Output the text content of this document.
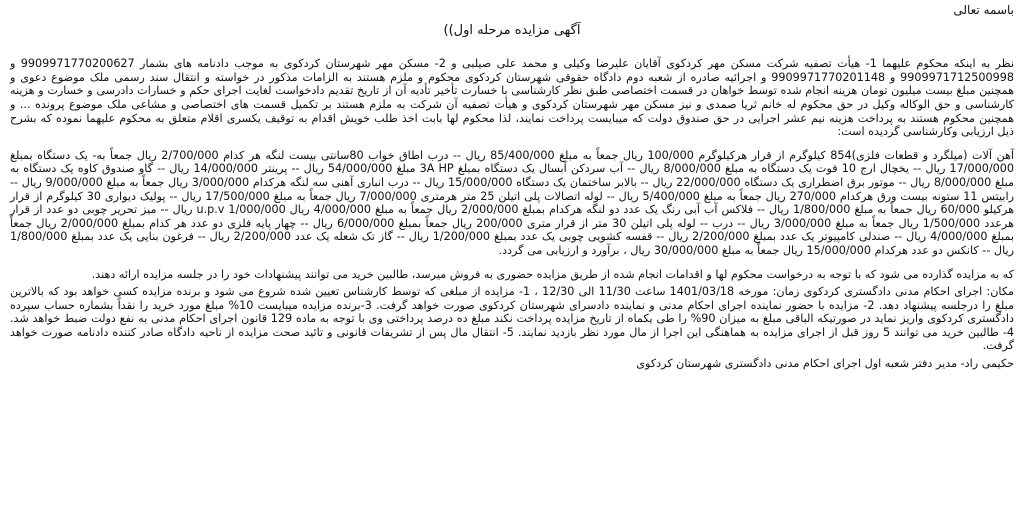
باسمه تعالی
آگهی مزایده مرحله اول))

نظر به اینکه محکوم علیهما 1- هیأت تصفیه شرکت مسکن مهر کردکوی آقایان علیرضا وکیلی و محمد علی صیلبی و 2- مسکن مهر شهرستان کردکوی به موجب دادنامه های بشمار 9909971770200627 و 9909971712500998 و 9909971770201148 و اجرائیه صادره از شعبه دوم دادگاه حقوقی شهرستان کردکوی محکوم و ملزم هستند به الزامات مذکور در خواسته و انتقال سند رسمی ملک موضوع دعوی و همچنین مبلغ بیست میلیون تومان هزینه انجام شده توسط خواهان در قسمت اختصاصی طبق نظر کارشناسی با خسارت تأخیر تأدیه آن از تاریخ تقدیم دادخواست لغایت اجرای حکم و خسارات دادرسی و خسارت و هزینه کارشناسی و حق الوکاله وکیل در حق محکوم له خانم ثریا صمدی و نیز مسکن مهر شهرستان کردکوی و هیأت تصفیه آن شرکت به ملزم هستند بر تکمیل قسمت های اختصاصی و مشاعی ملک موضوع پرونده ... و همچنین محکوم هستند به پرداخت هزینه نیم عشر اجرایی در حق صندوق دولت که میبایست پرداخت نمایند، لذا محکوم لها بابت اخذ طلب خویش اقدام به توقیف یکسری اقلام متعلق به محکوم علیهما نموده که بشرح ذیل ارزیابی وکارشناسی گردیده است:

آهن آلات (میلگرد و قطعات فلزی)854 کیلوگرم از قرار هرکیلوگرم 100/000 ریال جمعاً به مبلغ 85/400/000 ریال -- درب اطاق خواب 80سانتی بیست لنگه هر کدام 2/700/000 ریال جمعاً به- یک دستگاه بمبلغ 17/000/000 ریال -- یخچال ارج 10 فوت یک دستگاه به مبلغ 8/000/000 ریال -- آب سردکن آبسال یک دستگاه بمبلغ 3A HP مبلغ 54/000/000 ریال -- پرینتر 14/000/000 ریال -- گاو صندوق کاوه یک دستگاه به مبلغ 8/000/000 ریال -- موتور برق اضطراری یک دستگاه 22/000/000 ریال -- بالابر ساختمان یک دستگاه 15/000/000 ریال -- درب انباری آهنی سه لنگه هرکدام 3/000/000 ریال جمعاً به مبلغ 9/000/000 ریال -- رابیتس 11 ستونه بیست ورق هرکدام 270/000 ریال جمعاً به مبلغ 5/400/000 ریال -- لوله اتصالات پلی اتیلن 25 متر هرمتری 7/000/000 ریال جمعاً به مبلغ 17/500/000 ریال -- پولیک دیواری 30 کیلوگرم از قرار هرکیلو 60/000 ریال جمعاً به مبلغ 1/800/000 ریال -- فلاکس آب آبی رنگ یک عدد دو لنگه هرکدام بمبلغ 2/000/000 ریال جمعاً به مبلغ 4/000/000 ریال u.p.v 1/000/000 ریال -- میز تحریر چوبی دو عدد از قرار هرعدد 1/500/000 ریال جمعاً به مبلغ 3/000/000 ریال -- درب -- لوله پلی اتیلن 30 متر از قرار متری 200/000 ریال جمعاً بمبلغ 6/000/000 ریال -- چهار پایه فلزی دو عدد هر کدام بمبلغ 2/000/000 ریال جمعاً بمبلغ 4/000/000 ریال -- صندلی کامپیوتر یک عدد بمبلغ 2/200/000 ریال -- قفسه کشویی چوبی یک عدد بمبلغ 1/200/000 ریال -- گاز تک شعله یک عدد 2/200/000 ریال -- فرغون بنایی یک عدد بمبلغ 1/800/000 ریال -- کانکس دو عدد هرکدام 15/000/000 ریال جمعاً به مبلغ 30/000/000 ریال ، برآورد و ارزیابی می گردد.

که به مزایده گذارده می شود که با توجه به درخواست محکوم لها و اقدامات انجام شده از طریق مزایده حضوری به فروش میرسد، طالبین خرید می توانند پیشنهادات خود را در جلسه مزایده ارائه دهند.

مکان: اجرای احکام مدنی دادگستری کردکوی زمان: مورخه 1401/03/18 ساعت 11/30 الی 12/30 ، 1- مزایده از مبلغی که توسط کارشناس تعیین شده شروع می شود و برنده مزایده کسی خواهد بود که بالاترین مبلغ را درجلسه پیشنهاد دهد. 2- مزایده با حضور نماینده اجرای احکام مدنی و نماینده دادسرای شهرستان کردکوی صورت خواهد گرفت. 3-برنده مزایده میبایست 10% مبلغ مورد خرید را نقداً بشماره حساب سپرده دادگستری کردکوی واریز نماید در صورتیکه الباقی مبلغ به میزان 90% را طی یکماه از تاریخ مزایده پرداخت نکند مبلغ ده درصد پرداختی وی با توجه به ماده 129 قانون اجرای احکام مدنی به نفع دولت ضبط خواهد شد. 4- طالبین خرید می توانند 5 روز قبل از اجرای مزایده به هماهنگی این اجرا از مال مورد نظر بازدید نمایند. 5- انتقال مال پس از تشریفات قانونی و تائید صحت مزایده از ناحیه دادگاه صادر کننده دادنامه صورت خواهد گرفت.

حکیمی راد- مدیر دفتر شعبه اول اجرای احکام مدنی دادگستری شهرستان کردکوی
